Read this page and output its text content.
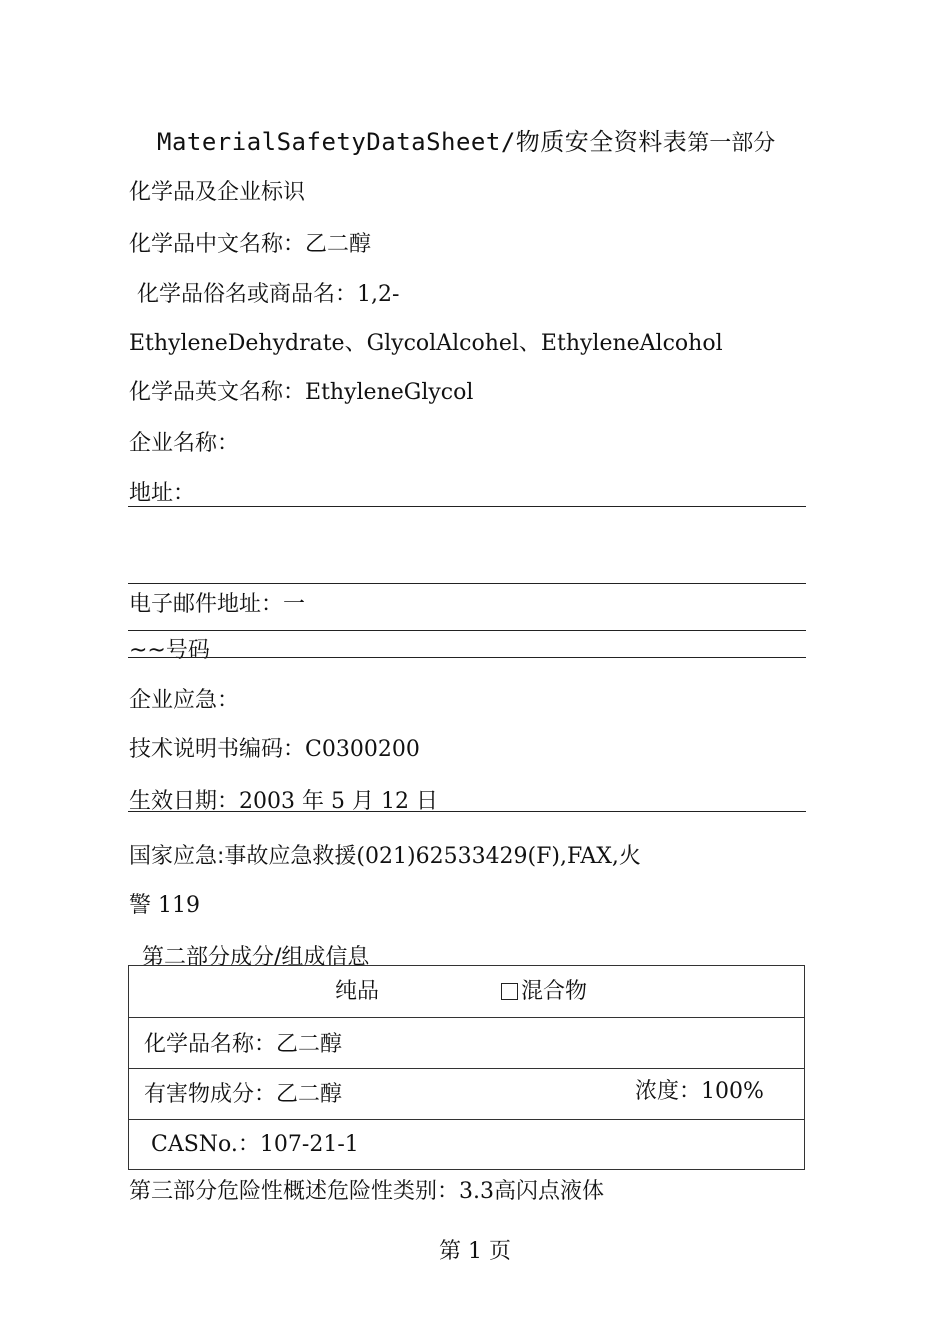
MaterialSafetyDataSheet/物质安全资料表第一部分
化学品及企业标识
化学品中文名称：乙二醇
化学品俗名或商品名：1,2-
EthyleneDehydrate、GlycolAlcohel、EthyleneAlcohol
化学品英文名称：EthyleneGlycol
企业名称：
地址：
电子邮件地址：一
~~号码
企业应急：
技术说明书编码：C0300200
生效日期：2003 年 5 月 12 日
国家应急:事故应急救援(021)62533429(F),FAX,火
警 119
第二部分成分/组成信息
纯品	混合物
化学品名称：乙二醇
有害物成分：乙二醇	浓度：100%
CASNo.：107-21-1
第三部分危险性概述危险性类别：3.3高闪点液体
第 1 页
